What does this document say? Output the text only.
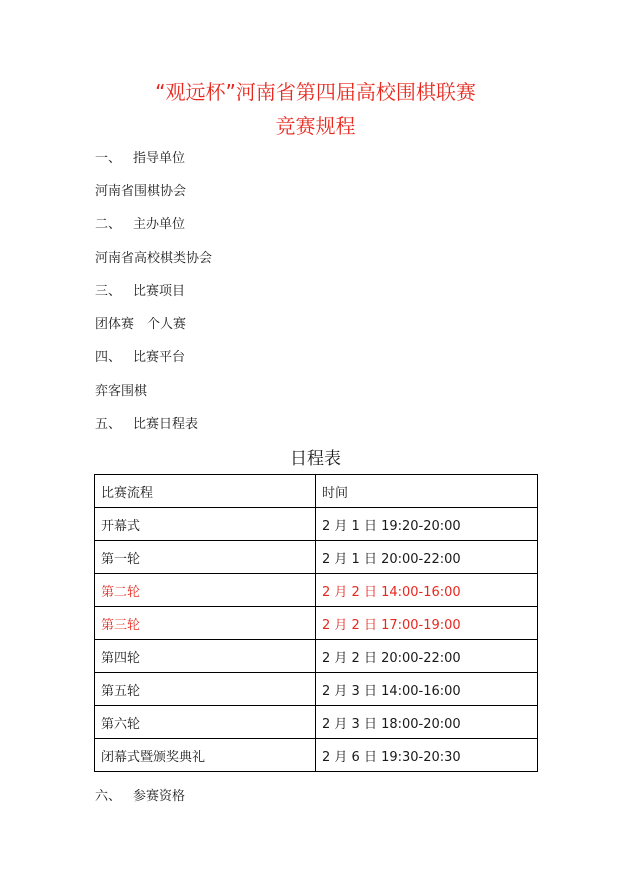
“观远杯”河南省第四届高校围棋联赛
竞赛规程
一、 指导单位
河南省围棋协会
二、 主办单位
河南省高校棋类协会
三、 比赛项目
团体赛　个人赛
四、 比赛平台
弈客围棋
五、 比赛日程表
日程表
比赛流程	时间
开幕式	2 月 1 日 19:20-20:00
第一轮	2 月 1 日 20:00-22:00
第二轮	2 月 2 日 14:00-16:00
第三轮	2 月 2 日 17:00-19:00
第四轮	2 月 2 日 20:00-22:00
第五轮	2 月 3 日 14:00-16:00
第六轮	2 月 3 日 18:00-20:00
闭幕式暨颁奖典礼	2 月 6 日 19:30-20:30
六、 参赛资格
